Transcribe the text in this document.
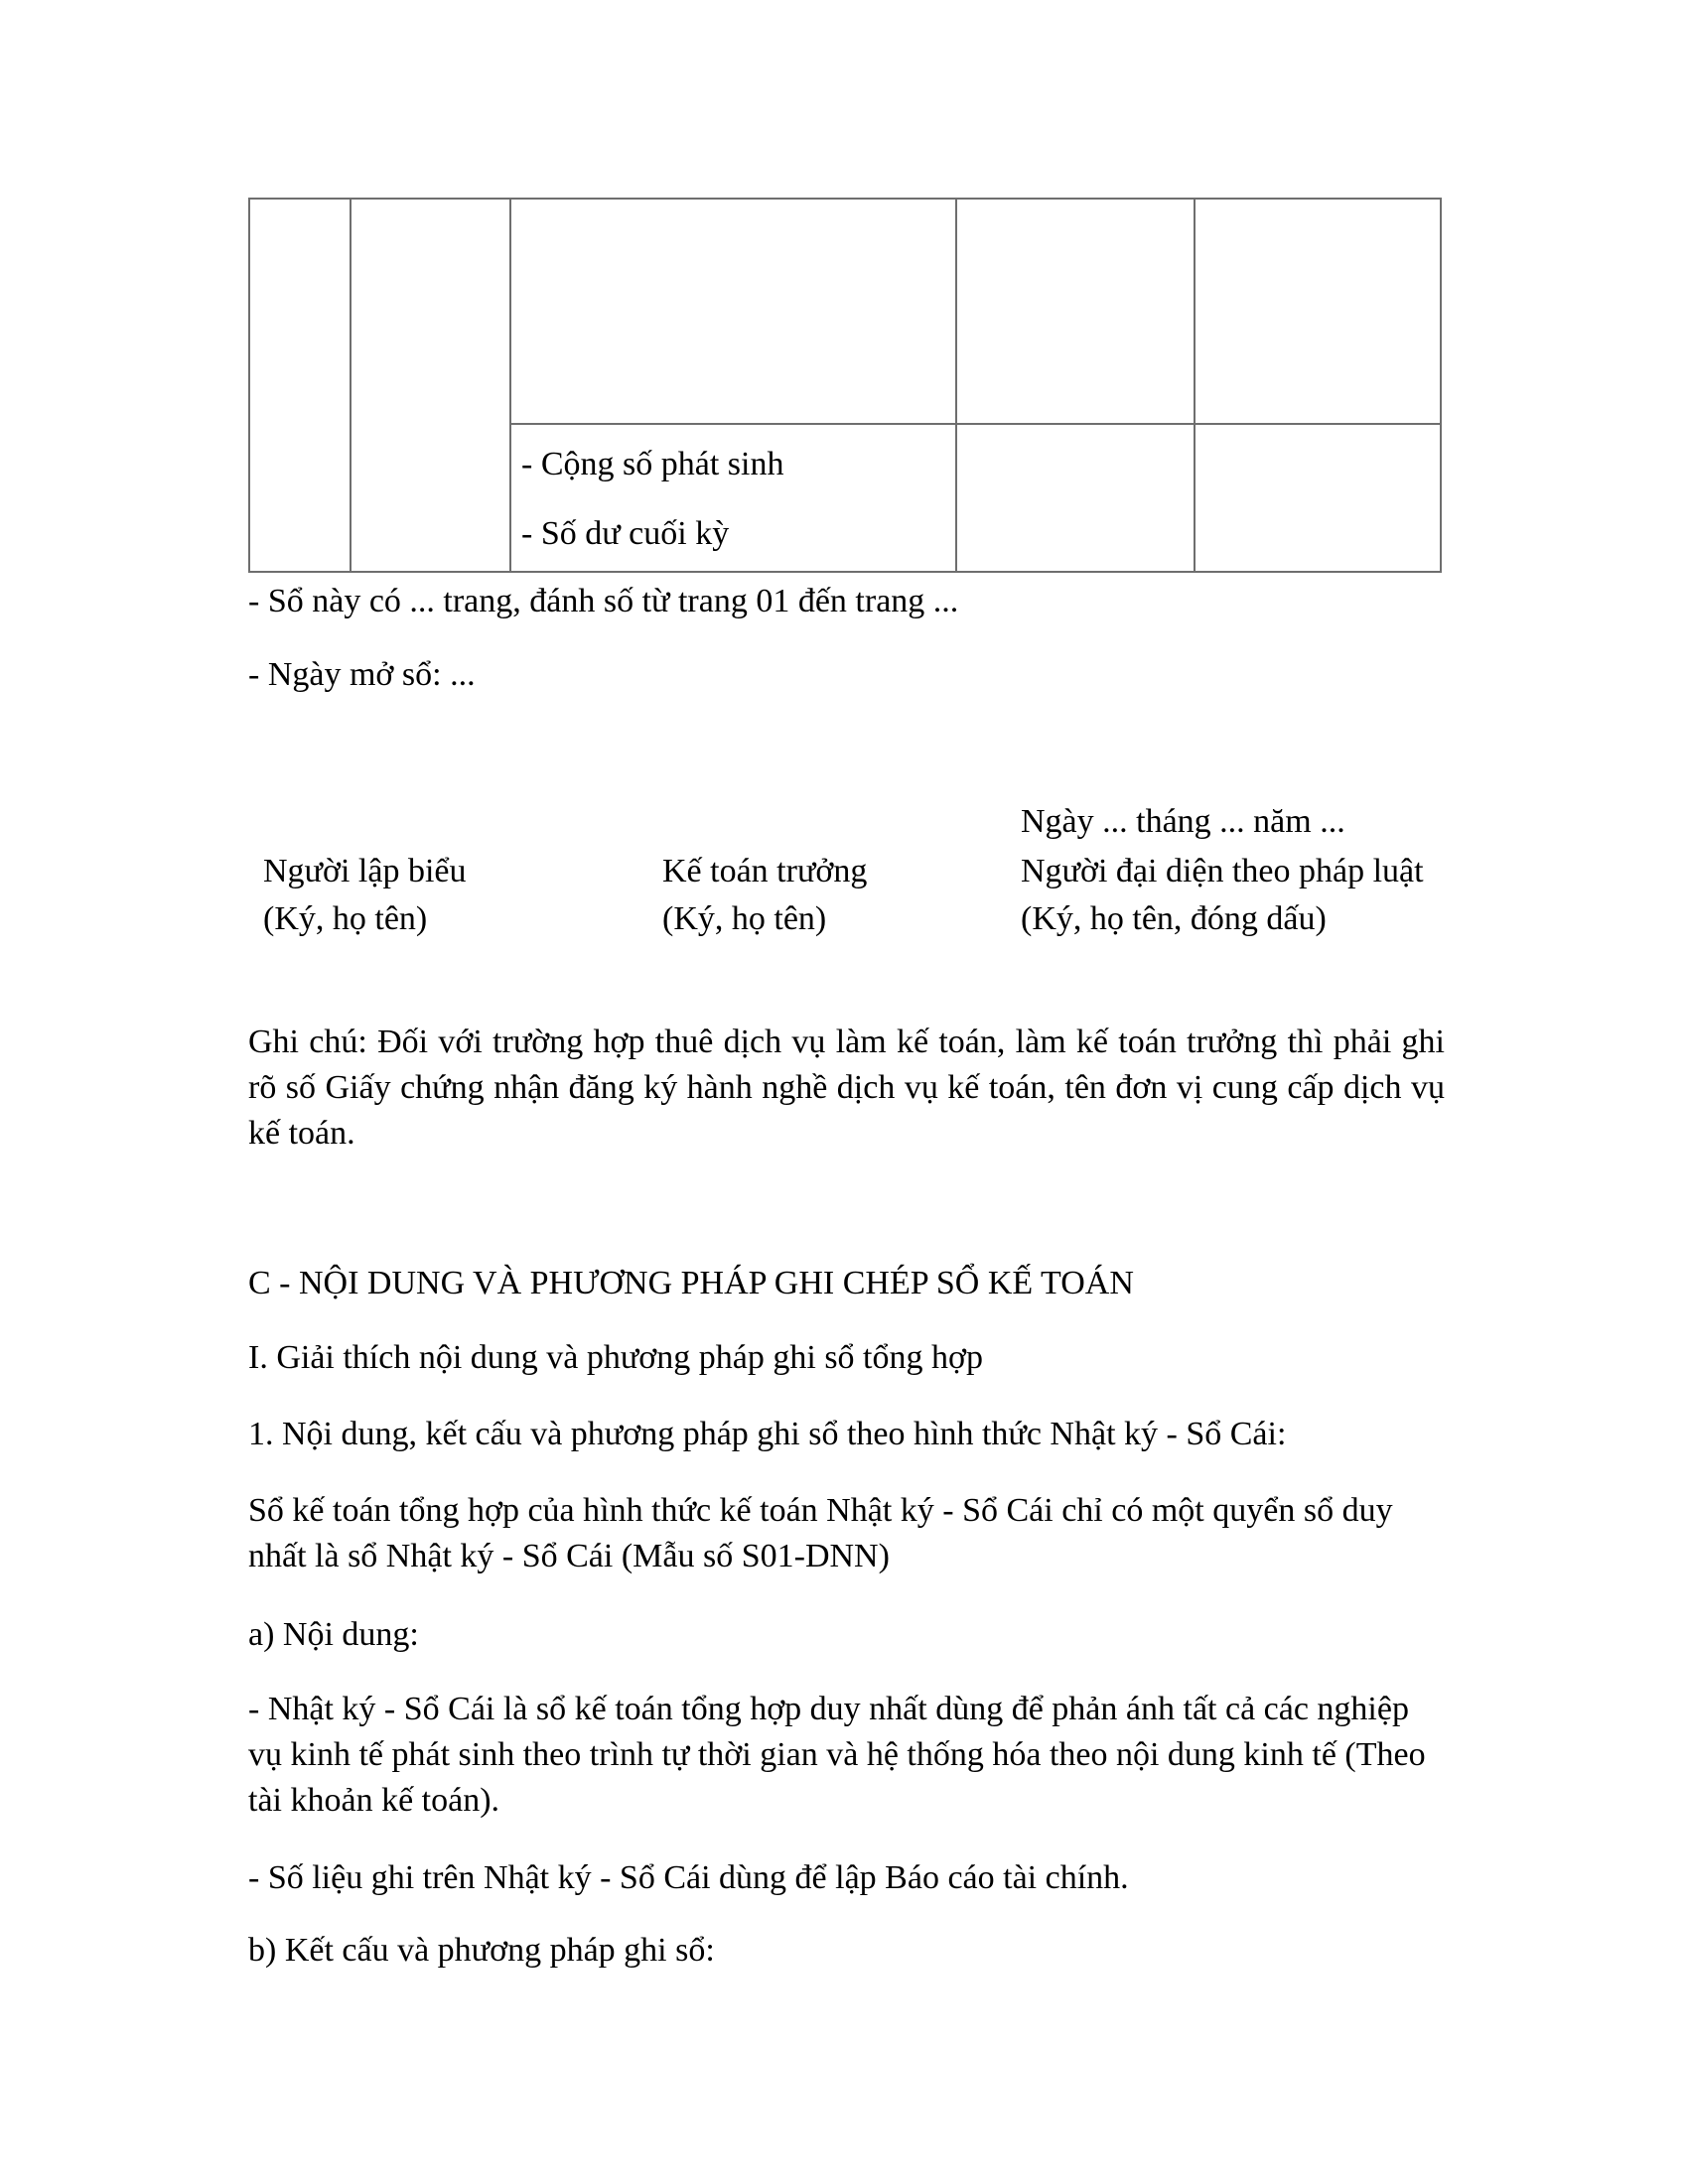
- Cộng số phát sinh
- Số dư cuối kỳ
- Sổ này có ... trang, đánh số từ trang 01 đến trang ...
- Ngày mở sổ: ...
Ngày ... tháng ... năm ...
Người lập biểu
(Ký, họ tên)
Kế toán trưởng
(Ký, họ tên)
Người đại diện theo pháp luật
(Ký, họ tên, đóng dấu)
Ghi chú: Đối với trường hợp thuê dịch vụ làm kế toán, làm kế toán trưởng thì phải ghi rõ số Giấy chứng nhận đăng ký hành nghề dịch vụ kế toán, tên đơn vị cung cấp dịch vụ kế toán.
C - NỘI DUNG VÀ PHƯƠNG PHÁP GHI CHÉP SỔ KẾ TOÁN
I. Giải thích nội dung và phương pháp ghi sổ tổng hợp
1. Nội dung, kết cấu và phương pháp ghi sổ theo hình thức Nhật ký - Sổ Cái:
Sổ kế toán tổng hợp của hình thức kế toán Nhật ký - Sổ Cái chỉ có một quyển sổ duy nhất là sổ Nhật ký - Sổ Cái (Mẫu số S01-DNN)
a) Nội dung:
- Nhật ký - Sổ Cái là sổ kế toán tổng hợp duy nhất dùng để phản ánh tất cả các nghiệp vụ kinh tế phát sinh theo trình tự thời gian và hệ thống hóa theo nội dung kinh tế (Theo tài khoản kế toán).
- Số liệu ghi trên Nhật ký - Sổ Cái dùng để lập Báo cáo tài chính.
b) Kết cấu và phương pháp ghi sổ:
